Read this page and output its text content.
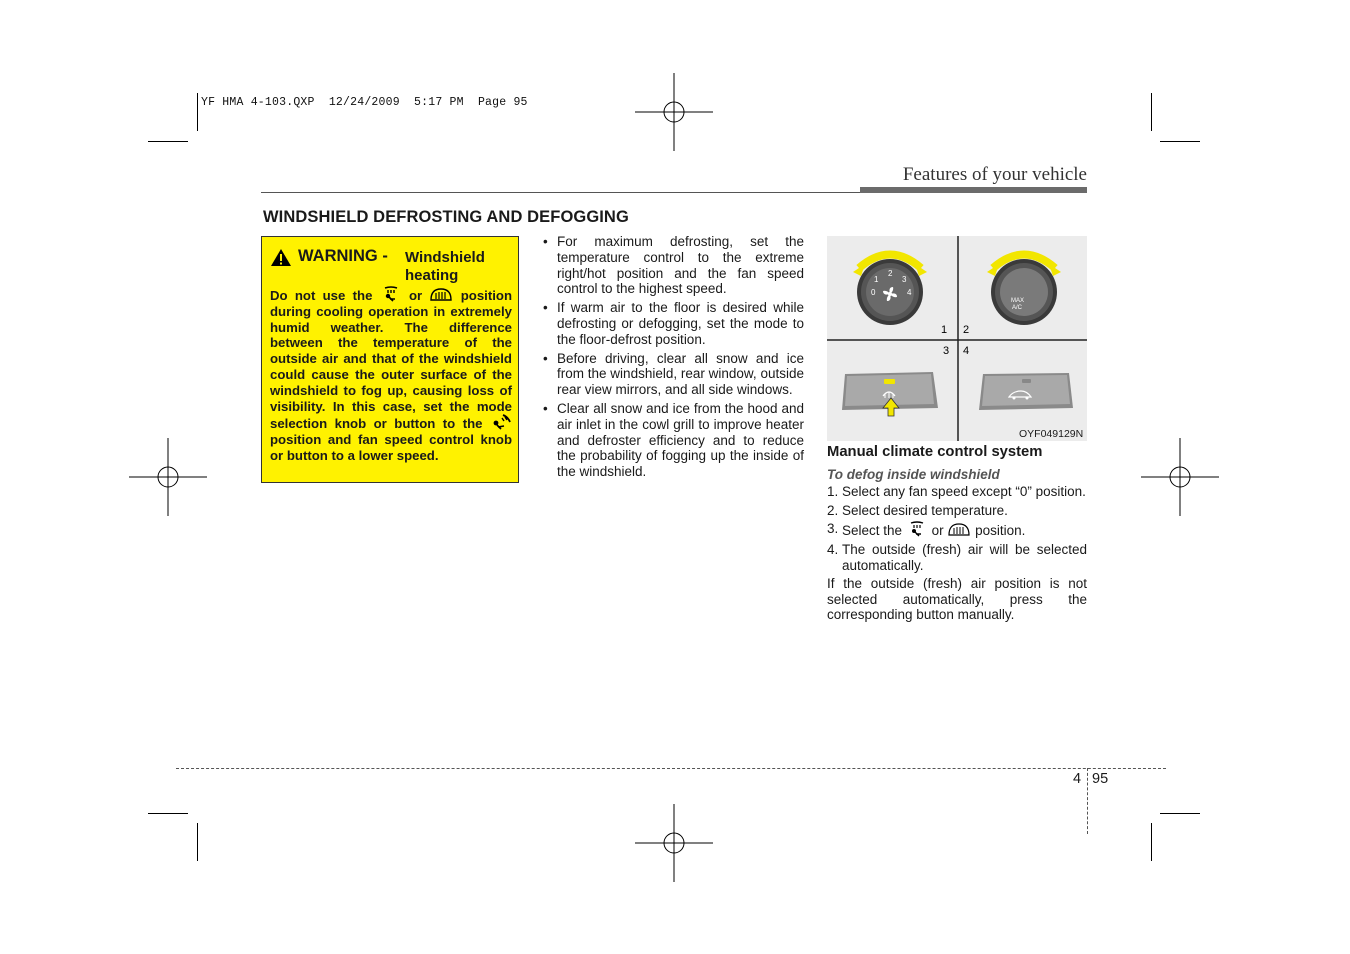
YF HMA 4-103.QXP  12/24/2009  5:17 PM  Page 95
Features of your vehicle
WINDSHIELD DEFROSTING AND DEFOGGING
WARNING - Windshield heating
Do not use the	or	position during cooling operation in extremely humid weather. The difference between the temperature of the outside air and that of the windshield could cause the outer surface of the windshield to fog up, causing loss of visibility. In this case, set the mode selection knob or button to the  position and fan speed control knob or button to a lower speed.
• For maximum defrosting, set the temperature control to the extreme right/hot position and the fan speed control to the highest speed.
• If warm air to the floor is desired while defrosting or defogging, set the mode to the floor-defrost position.
• Before driving, clear all snow and ice from the windshield, rear window, outside rear view mirrors, and all side windows.
• Clear all snow and ice from the hood and air inlet in the cowl grill to improve heater and defroster efficiency and to reduce the probability of fogging up the inside of the windshield.
0
1
2
3
4
1 2
MAX
A/C
3 4
OYF049129N
Manual climate control system
To defog inside windshield
1. Select any fan speed except “0” position.
2. Select desired temperature.
3. Select the or position.
4. The outside (fresh) air will be selected automatically.
If the outside (fresh) air position is not selected automatically, press the corresponding button manually.
4 95
